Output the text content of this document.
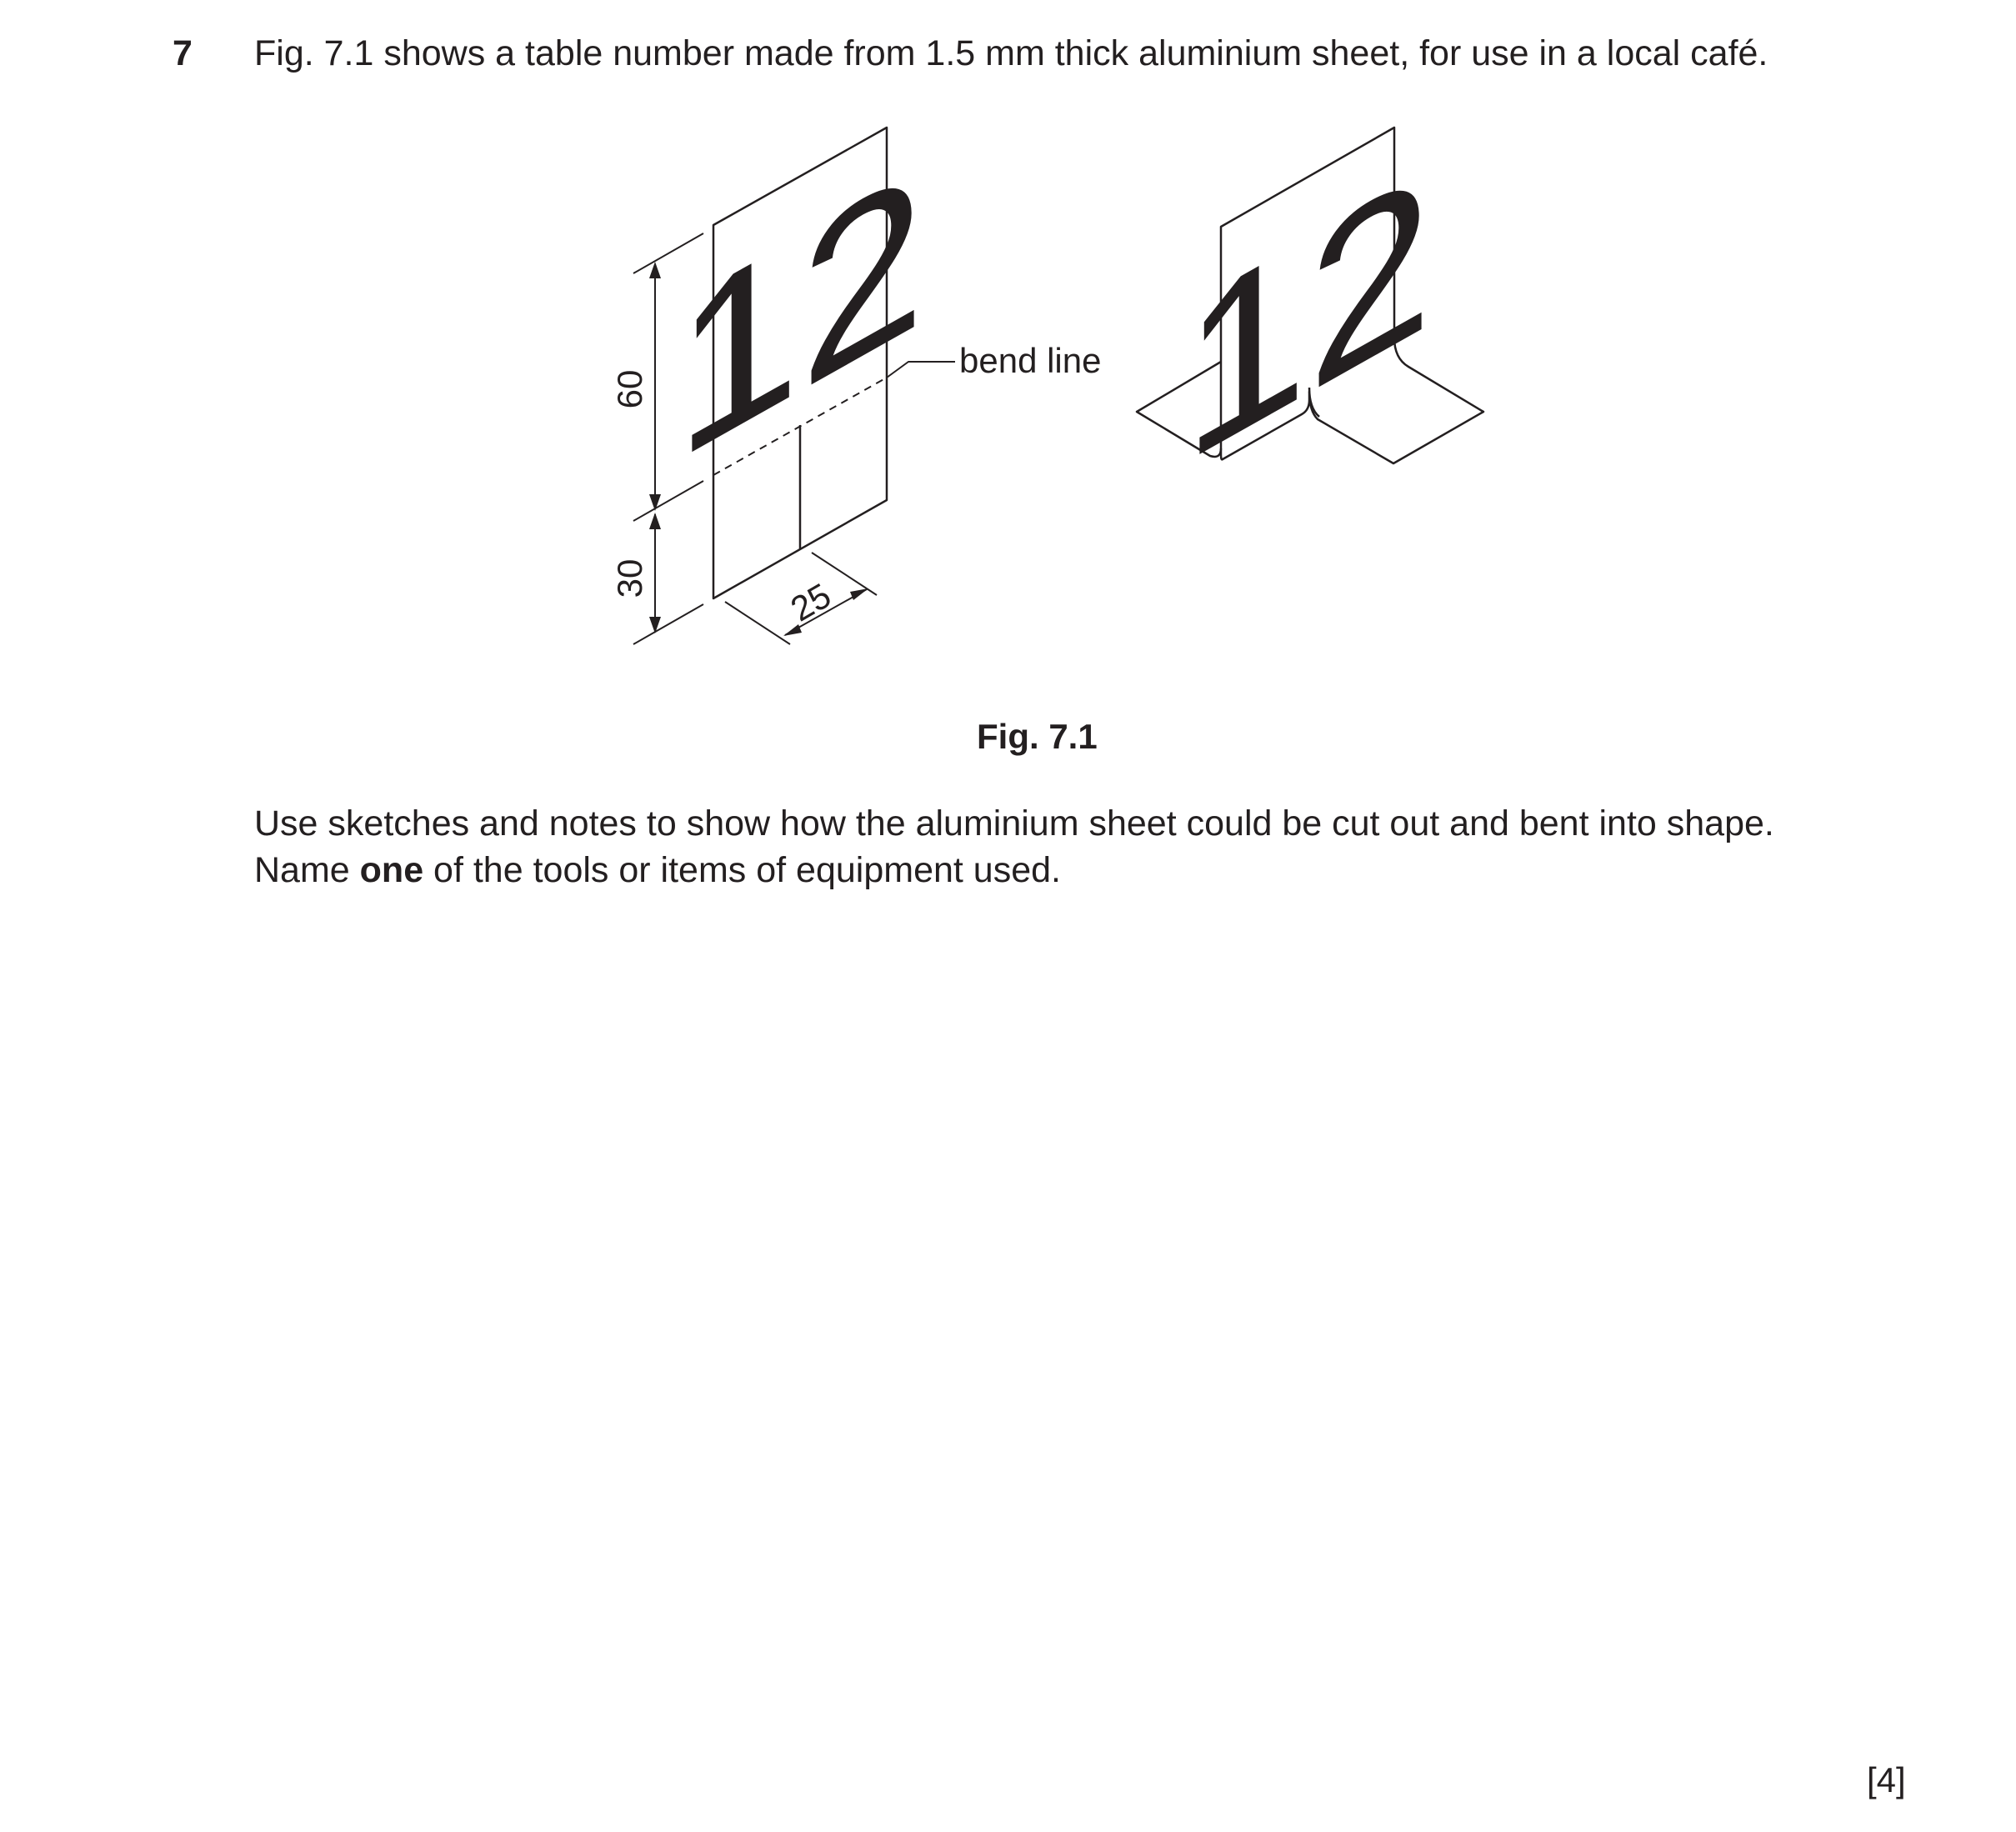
7 Fig. 7.1 shows a table number made from 1.5 mm thick aluminium sheet, for use in a local café.
12 12
bend line
60
30	25
Fig. 7.1
Use sketches and notes to show how the aluminium sheet could be cut out and bent into shape.
Name one of the tools or items of equipment used.
[4]
